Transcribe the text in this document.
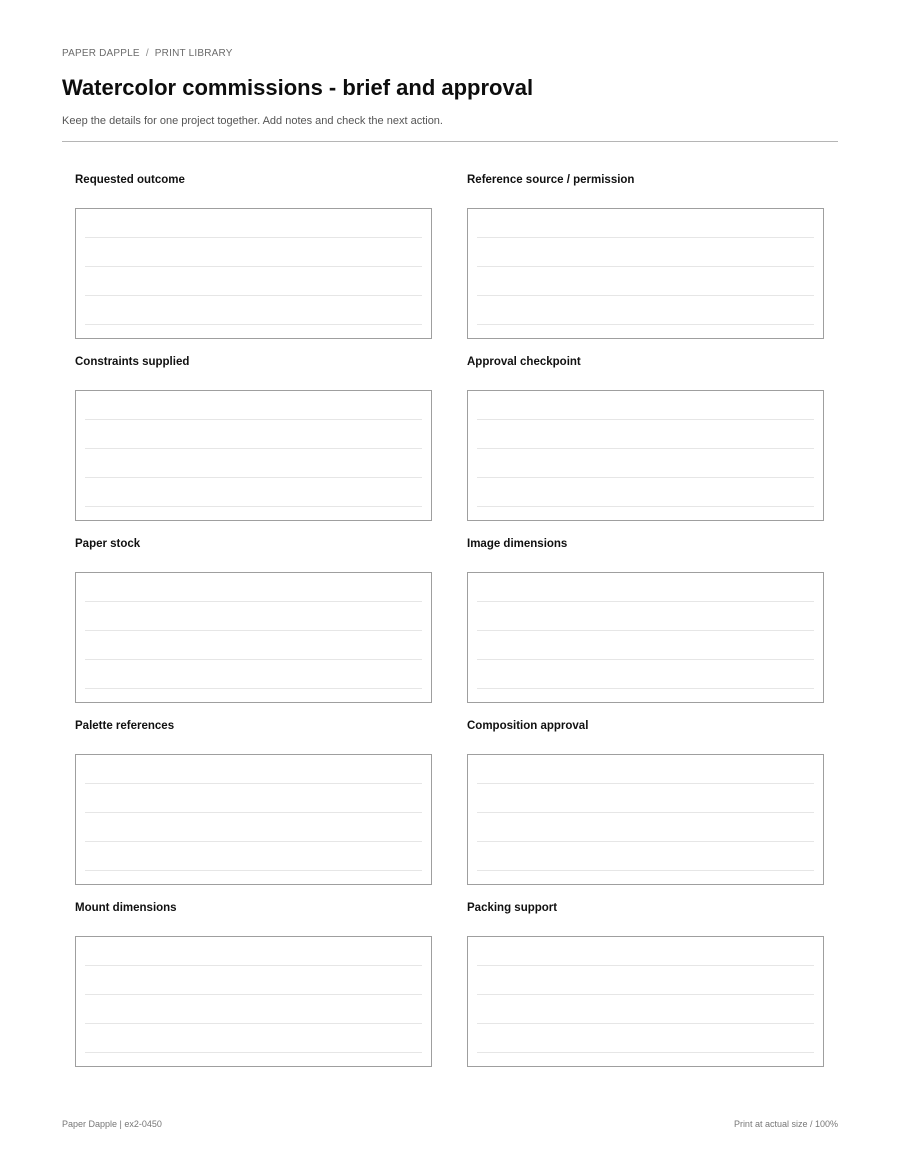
PAPER DAPPLE / PRINT LIBRARY
Watercolor commissions - brief and approval
Keep the details for one project together. Add notes and check the next action.
Requested outcome	Reference source / permission
Constraints supplied	Approval checkpoint
Paper stock	Image dimensions
Palette references	Composition approval
Mount dimensions	Packing support
Paper Dapple | ex2-0450	Print at actual size / 100%
